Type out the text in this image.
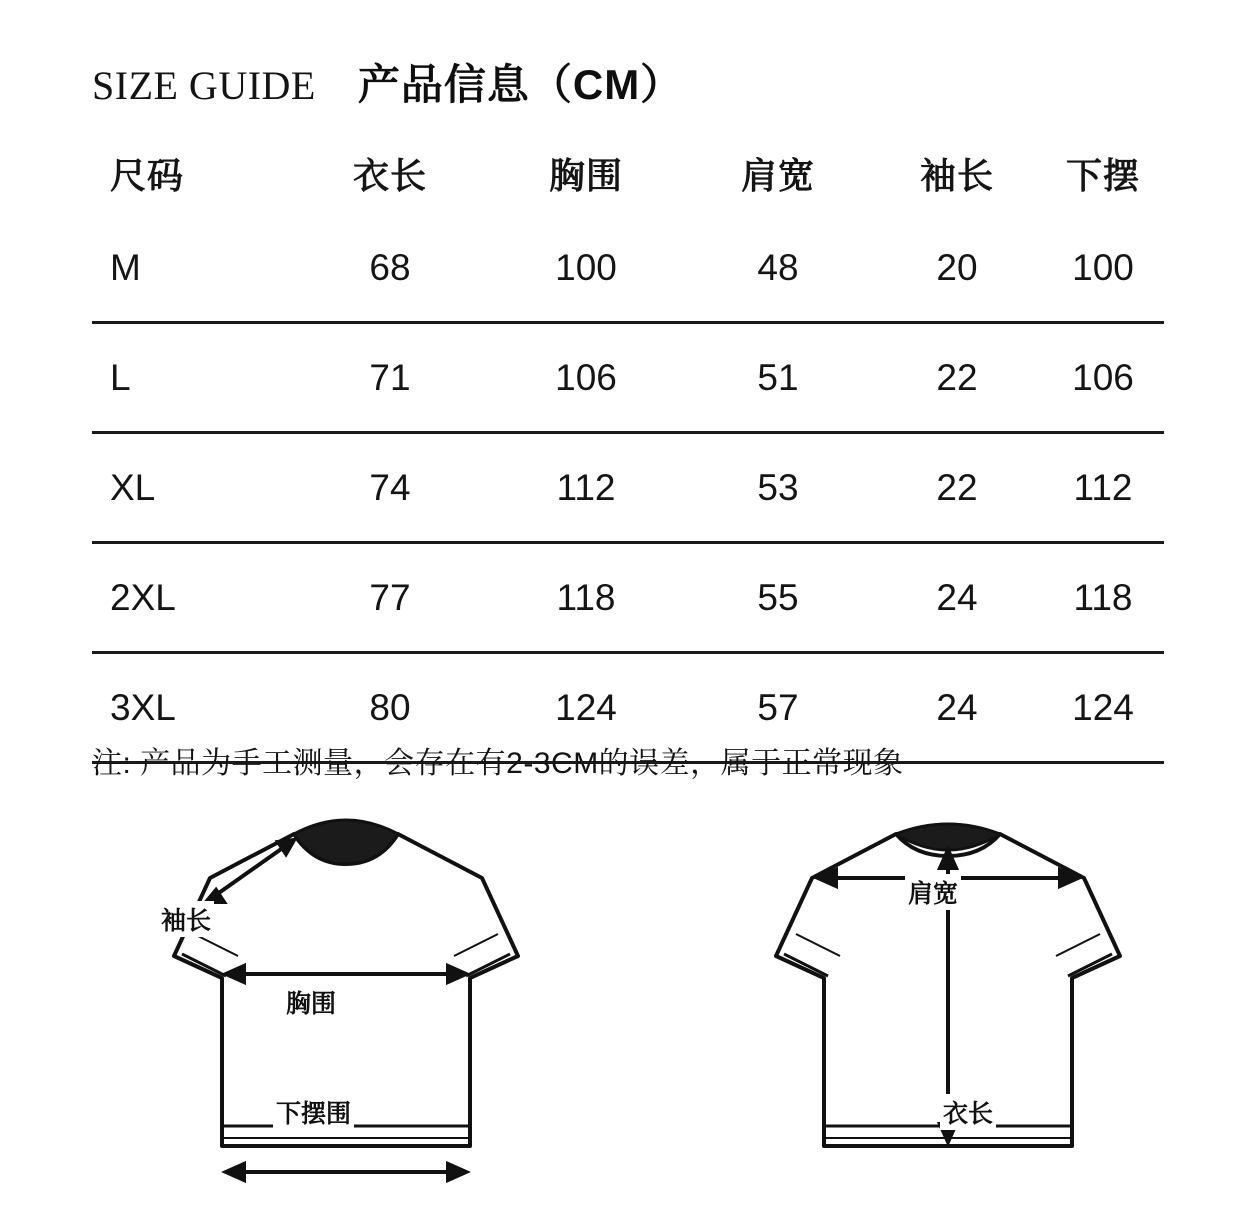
SIZE GUIDE 产品信息（CM）
尺码	衣长	胸围	肩宽	袖长	下摆
M	68	100	48	20	100
L	71	106	51	22	106
XL	74	112	53	22	112
2XL	77	118	55	24	118
3XL	80	124	57	24	124
注: 产品为手工测量，会存在有2-3CM的误差，属于正常现象
袖长
胸围
下摆围
肩宽
衣长
